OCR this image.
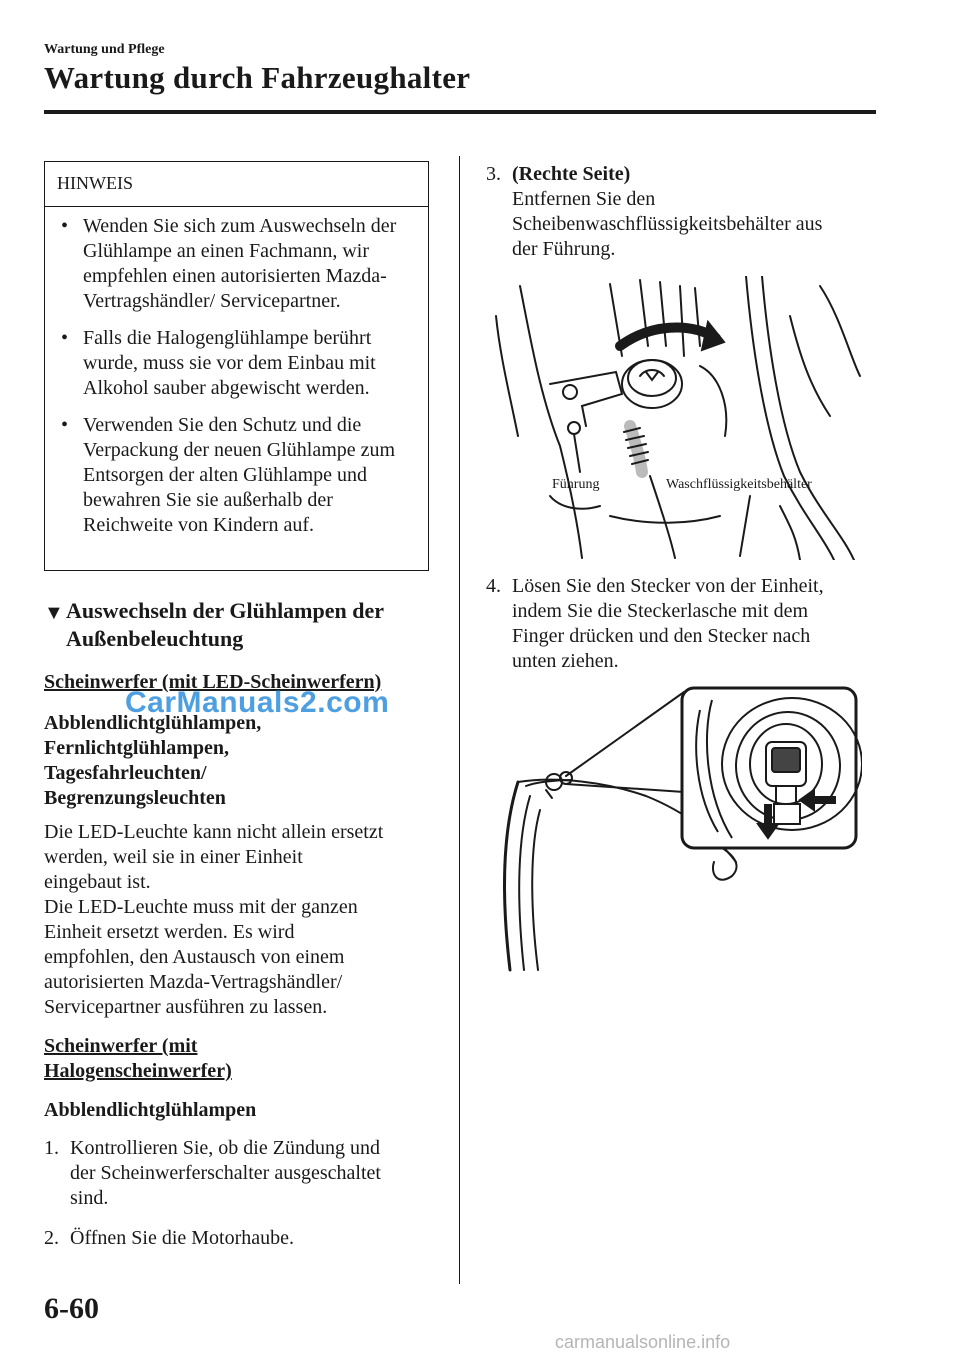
Wartung und Pflege
Wartung durch Fahrzeughalter
HINWEIS
• Wenden Sie sich zum Auswechseln der Glühlampe an einen Fachmann, wir empfehlen einen autorisierten Mazda-Vertragshändler/ Servicepartner.
• Falls die Halogenglühlampe berührt wurde, muss sie vor dem Einbau mit Alkohol sauber abgewischt werden.
• Verwenden Sie den Schutz und die Verpackung der neuen Glühlampe zum Entsorgen der alten Glühlampe und bewahren Sie sie außerhalb der Reichweite von Kindern auf.
▼ Auswechseln der Glühlampen der Außenbeleuchtung
Scheinwerfer (mit LED-Scheinwerfern)
Abblendlichtglühlampen,
Fernlichtglühlampen,
Tagesfahrleuchten/
Begrenzungsleuchten
Die LED-Leuchte kann nicht allein ersetzt
werden, weil sie in einer Einheit
eingebaut ist.
Die LED-Leuchte muss mit der ganzen
Einheit ersetzt werden. Es wird
empfohlen, den Austausch von einem
autorisierten Mazda-Vertragshändler/
Servicepartner ausführen zu lassen.
CarManuals2.com
Scheinwerfer (mit
Halogenscheinwerfer)
Abblendlichtglühlampen
1. Kontrollieren Sie, ob die Zündung und
der Scheinwerferschalter ausgeschaltet
sind.
2. Öffnen Sie die Motorhaube.
3. (Rechte Seite)
Entfernen Sie den
Scheibenwaschflüssigkeitsbehälter aus
der Führung.
Führung	Waschflüssigkeitsbehälter
4. Lösen Sie den Stecker von der Einheit,
indem Sie die Steckerlasche mit dem
Finger drücken und den Stecker nach
unten ziehen.
6-60
carmanualsonline.info
